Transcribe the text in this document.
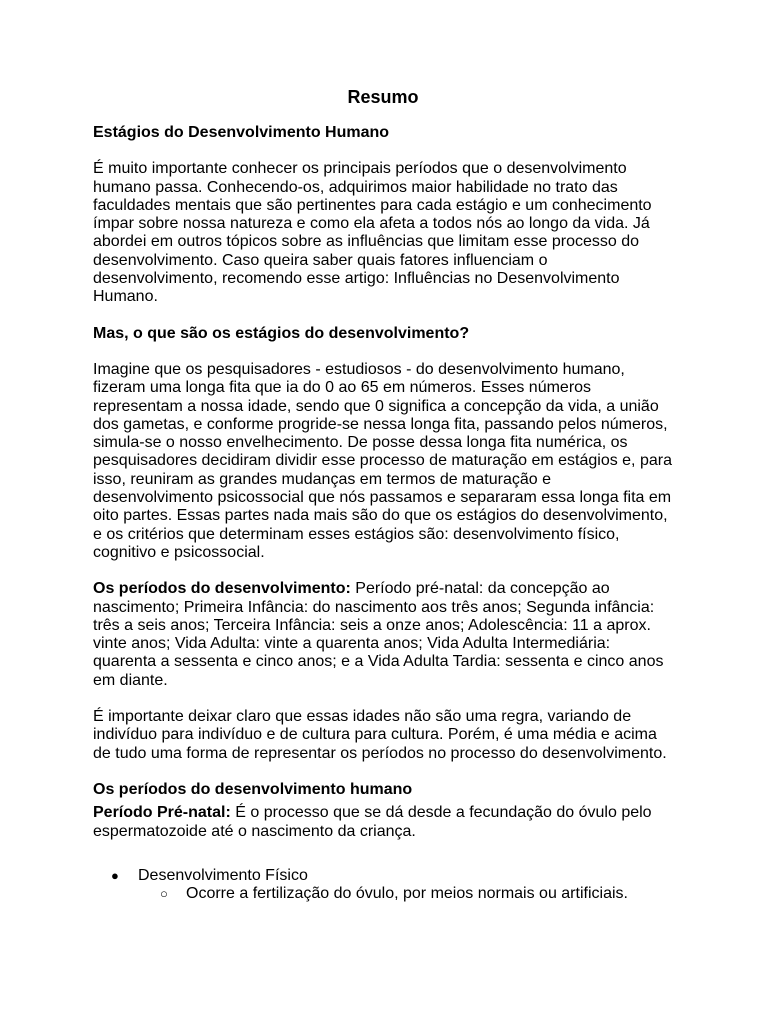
Resumo
Estágios do Desenvolvimento Humano

É muito importante conhecer os principais períodos que o desenvolvimento humano passa. Conhecendo-os, adquirimos maior habilidade no trato das faculdades mentais que são pertinentes para cada estágio e um conhecimento ímpar sobre nossa natureza e como ela afeta a todos nós ao longo da vida. Já abordei em outros tópicos sobre as influências que limitam esse processo do desenvolvimento. Caso queira saber quais fatores influenciam o desenvolvimento, recomendo esse artigo: Influências no Desenvolvimento Humano.

Mas, o que são os estágios do desenvolvimento?

Imagine que os pesquisadores - estudiosos - do desenvolvimento humano, fizeram uma longa fita que ia do 0 ao 65 em números. Esses números representam a nossa idade, sendo que 0 significa a concepção da vida, a união dos gametas, e conforme progride-se nessa longa fita, passando pelos números, simula-se o nosso envelhecimento. De posse dessa longa fita numérica, os pesquisadores decidiram dividir esse processo de maturação em estágios e, para isso, reuniram as grandes mudanças em termos de maturação e desenvolvimento psicossocial que nós passamos e separaram essa longa fita em oito partes. Essas partes nada mais são do que os estágios do desenvolvimento, e os critérios que determinam esses estágios são: desenvolvimento físico, cognitivo e psicossocial.

Os períodos do desenvolvimento: Período pré-natal: da concepção ao nascimento; Primeira Infância: do nascimento aos três anos; Segunda infância: três a seis anos; Terceira Infância: seis a onze anos; Adolescência: 11 a aprox. vinte anos; Vida Adulta: vinte a quarenta anos; Vida Adulta Intermediária: quarenta a sessenta e cinco anos; e a Vida Adulta Tardia: sessenta e cinco anos em diante.

É importante deixar claro que essas idades não são uma regra, variando de indivíduo para indivíduo e de cultura para cultura. Porém, é uma média e acima de tudo uma forma de representar os períodos no processo do desenvolvimento.

Os períodos do desenvolvimento humano

Período Pré-natal: É o processo que se dá desde a fecundação do óvulo pelo espermatozoide até o nascimento da criança.

● Desenvolvimento Físico
○ Ocorre a fertilização do óvulo, por meios normais ou artificiais.
